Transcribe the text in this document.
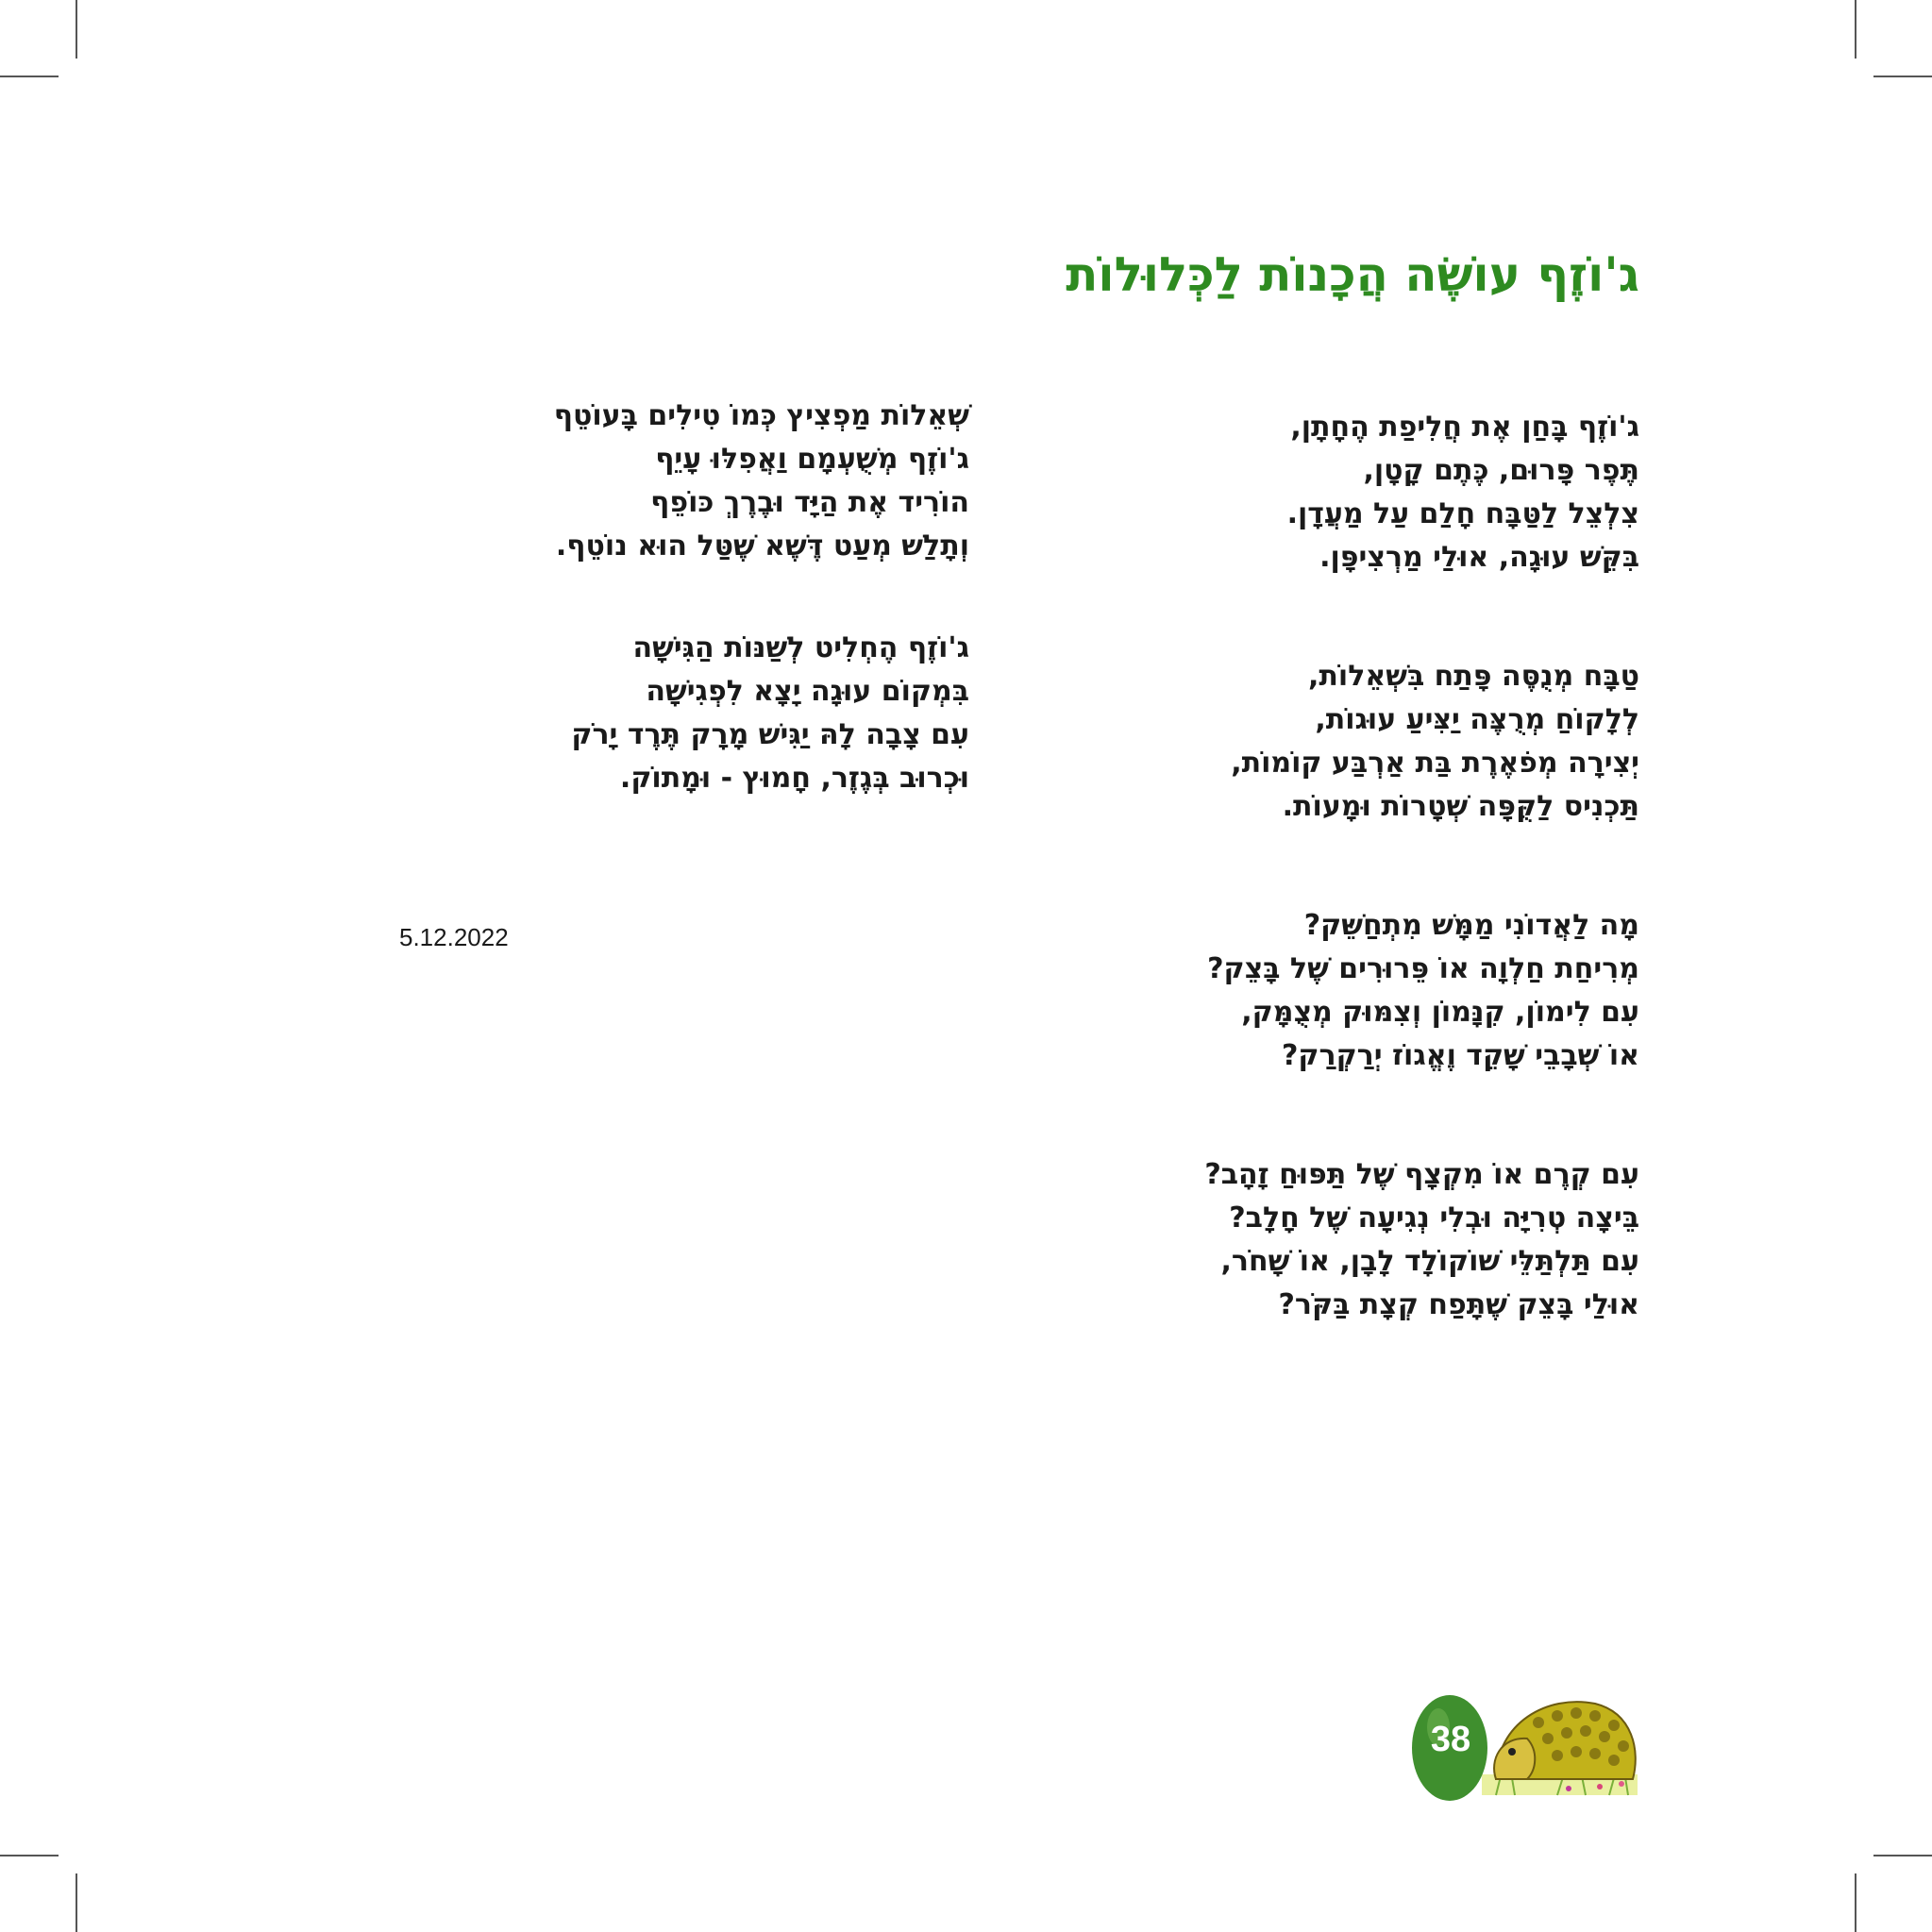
ג'וֹזֶף עוֹשֶׂה הֲכָנוֹת לַכְּלוּלוֹת
ג'וֹזֶף בָּחַן אֶת חֲלִיפַת הֶחָתָן,
תֶּפֶר פָּרוּם, כֶּתֶם קָטָן,
צִלְצֵל לַטַּבָּח חָלַם עַל מַעֲדָן.
בִּקֵּשׁ עוּגָה, אוּלַי מַרְצִיפָּן.
טַבָּח מְנֻסֶּה פָּתַח בִּשְׁאֵלוֹת,
לְלָקוֹחַ מְרֻצֶּה יַצִּיעַ עוּגוֹת,
יְצִירָה מְפֹאֶרֶת בַּת אַרְבַּע קוֹמוֹת,
תַּכְנִיס לַקֻּפָּה שְׁטָרוֹת וּמָעוֹת.
מָה לַאֲדוֹנִי מַמָּשׁ מִתְחַשֵּׁק?
מְרִיחַת חַלְוָה אוֹ פֵּרוּרִים שֶׁל בָּצֵק?
עִם לִימוֹן, קִנָּמוֹן וְצִמּוּק מְצֻמָּק,
אוֹ שְׁבָבֵי שָׁקֵד וֶאֱגוֹז יְרַקְרַק?
עִם קְרֶם אוֹ מִקְצָף שֶׁל תַּפּוּחַ זָהָב?
בֵּיצָה טְרִיָּה וּבְלִי נְגִיעָה שֶׁל חָלָב?
עִם תַּלְתַּלֵּי שׁוֹקוֹלָד לָבָן, אוֹ שָׁחֹר,
אוּלַי בָּצֵק שֶׁתָּפַח קְצָת בַּקֹּר?
שְׁאֵלוֹת מַפְצִיץ כְּמוֹ טִילִים בָּעוֹטֵף
ג'וֹזֶף מְשֻׁעְמָם וַאֲפִלּוּ עָיֵף
הוֹרִיד אֶת הַיָּד וּבֶרֶךְ כּוֹפֵף
וְתָלַשׁ מְעַט דֶּשֶׁא שֶׁטַּל הוּא נוֹטֵף.
ג'וֹזֶף הֶחְלִיט לְשַׁנּוֹת הַגִּישָׁה
בִּמְקוֹם עוּגָה יָצָא לִפְגִישָׁה
עִם צָבָה לָהּ יַגִּישׁ מָרָק תֶּרֶד יָרֹק
וּכְרוּב בְּגֶזֶר, חָמוּץ - וּמָתוֹק.
5.12.2022
38
